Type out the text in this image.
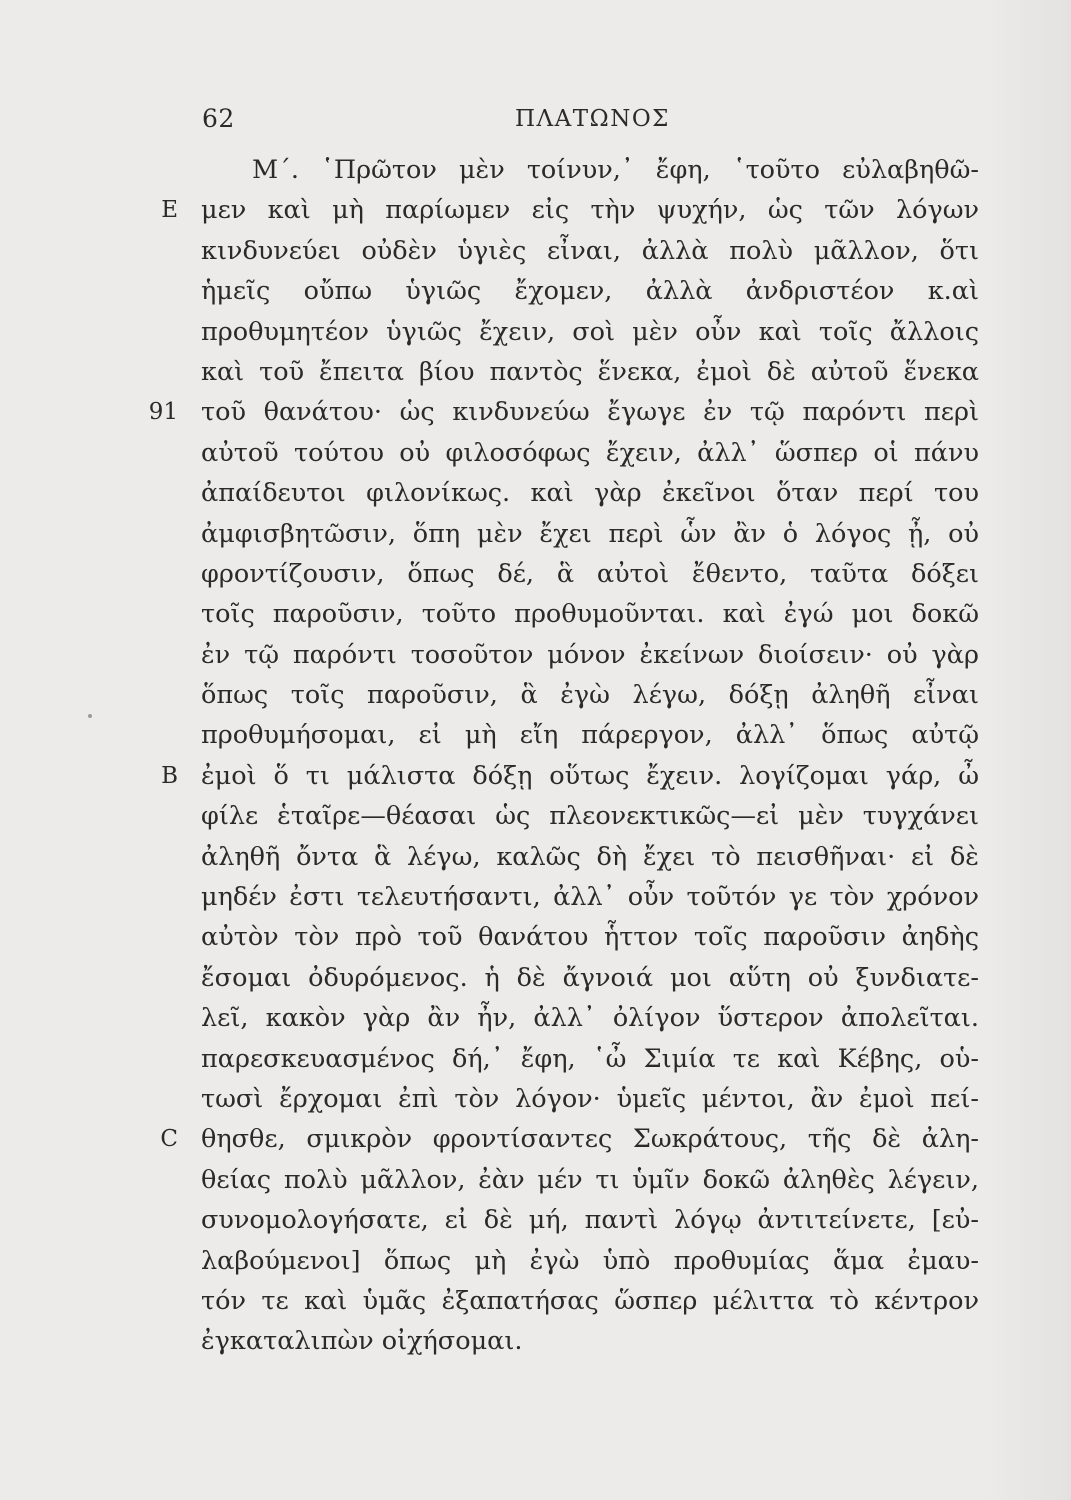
62	ΠΛΑΤΩΝΟΣ
Μ΄. ῾Πρῶτον μὲν τοίνυν,᾽ ἔφη, ῾τοῦτο εὐλαβηθῶ-
E μεν καὶ μὴ παρίωμεν εἰς τὴν ψυχήν, ὡς τῶν λόγων
κινδυνεύει οὐδὲν ὑγιὲς εἶναι, ἀλλὰ πολὺ μᾶλλον, ὅτι
ἡμεῖς οὔπω ὑγιῶς ἔχομεν, ἀλλὰ ἀνδριστέον κ.αὶ
προθυμητέον ὑγιῶς ἔχειν, σοὶ μὲν οὖν καὶ τοῖς ἄλλοις
καὶ τοῦ ἔπειτα βίου παντὸς ἕνεκα, ἐμοὶ δὲ αὐτοῦ ἕνεκα
91 τοῦ θανάτου· ὡς κινδυνεύω ἔγωγε ἐν τῷ παρόντι περὶ
αὐτοῦ τούτου οὐ φιλοσόφως ἔχειν, ἀλλ᾽ ὥσπερ οἱ πάνυ
ἀπαίδευτοι φιλονίκως. καὶ γὰρ ἐκεῖνοι ὅταν περί του
ἀμφισβητῶσιν, ὅπη μὲν ἔχει περὶ ὧν ἂν ὁ λόγος ᾖ, οὐ
φροντίζουσιν, ὅπως δέ, ἃ αὐτοὶ ἔθεντο, ταῦτα δόξει
τοῖς παροῦσιν, τοῦτο προθυμοῦνται. καὶ ἐγώ μοι δοκῶ
ἐν τῷ παρόντι τοσοῦτον μόνον ἐκείνων διοίσειν· οὐ γὰρ
ὅπως τοῖς παροῦσιν, ἃ ἐγὼ λέγω, δόξῃ ἀληθῆ εἶναι
προθυμήσομαι, εἰ μὴ εἴη πάρεργον, ἀλλ᾽ ὅπως αὐτῷ
B ἐμοὶ ὅ τι μάλιστα δόξῃ οὕτως ἔχειν. λογίζομαι γάρ, ὦ
φίλε ἑταῖρε—θέασαι ὡς πλεονεκτικῶς—εἰ μὲν τυγχάνει
ἀληθῆ ὄντα ἃ λέγω, καλῶς δὴ ἔχει τὸ πεισθῆναι· εἰ δὲ
μηδέν ἐστι τελευτήσαντι, ἀλλ᾽ οὖν τοῦτόν γε τὸν χρόνον
αὐτὸν τὸν πρὸ τοῦ θανάτου ἧττον τοῖς παροῦσιν ἀηδὴς
ἔσομαι ὀδυρόμενος. ἡ δὲ ἄγνοιά μοι αὕτη οὐ ξυνδιατε-
λεῖ, κακὸν γὰρ ἂν ἦν, ἀλλ᾽ ὀλίγον ὕστερον ἀπολεῖται.
παρεσκευασμένος δή,᾽ ἔφη, ῾ὦ Σιμία τε καὶ Κέβης, οὑ-
τωσὶ ἔρχομαι ἐπὶ τὸν λόγον· ὑμεῖς μέντοι, ἂν ἐμοὶ πεί-
C θησθε, σμικρὸν φροντίσαντες Σωκράτους, τῆς δὲ ἀλη-
θείας πολὺ μᾶλλον, ἐὰν μέν τι ὑμῖν δοκῶ ἀληθὲς λέγειν,
συνομολογήσατε, εἰ δὲ μή, παντὶ λόγῳ ἀντιτείνετε, [εὐ-
λαβούμενοι] ὅπως μὴ ἐγὼ ὑπὸ προθυμίας ἅμα ἐμαυ-
τόν τε καὶ ὑμᾶς ἐξαπατήσας ὥσπερ μέλιττα τὸ κέντρον
ἐγκαταλιπὼν οἰχήσομαι.
